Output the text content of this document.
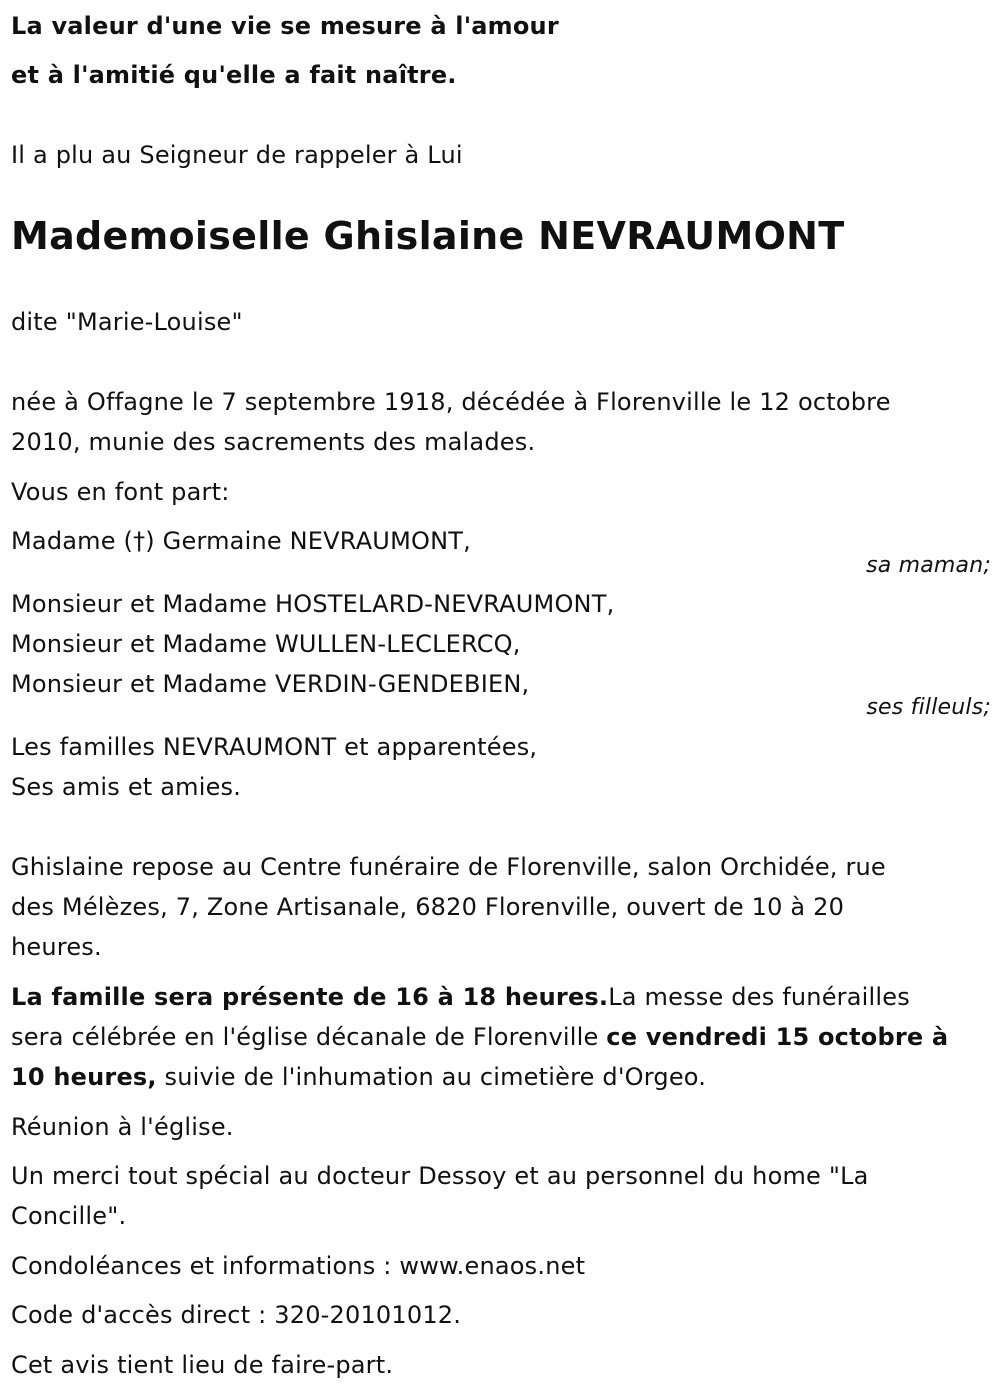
La valeur d'une vie se mesure à l'amour
et à l'amitié qu'elle a fait naître.
Il a plu au Seigneur de rappeler à Lui
Mademoiselle Ghislaine NEVRAUMONT
dite "Marie-Louise"
née à Offagne le 7 septembre 1918, décédée à Florenville le 12 octobre
2010, munie des sacrements des malades.
Vous en font part:
Madame (†) Germaine NEVRAUMONT,
sa maman;
Monsieur et Madame HOSTELARD-NEVRAUMONT,
Monsieur et Madame WULLEN-LECLERCQ,
Monsieur et Madame VERDIN-GENDEBIEN,
ses filleuls;
Les familles NEVRAUMONT et apparentées,
Ses amis et amies.
Ghislaine repose au Centre funéraire de Florenville, salon Orchidée, rue
des Mélèzes, 7, Zone Artisanale, 6820 Florenville, ouvert de 10 à 20
heures.
La famille sera présente de 16 à 18 heures.La messe des funérailles
sera célébrée en l'église décanale de Florenville ce vendredi 15 octobre à
10 heures, suivie de l'inhumation au cimetière d'Orgeo.
Réunion à l'église.
Un merci tout spécial au docteur Dessoy et au personnel du home "La
Concille".
Condoléances et informations : www.enaos.net
Code d'accès direct : 320-20101012.
Cet avis tient lieu de faire-part.
